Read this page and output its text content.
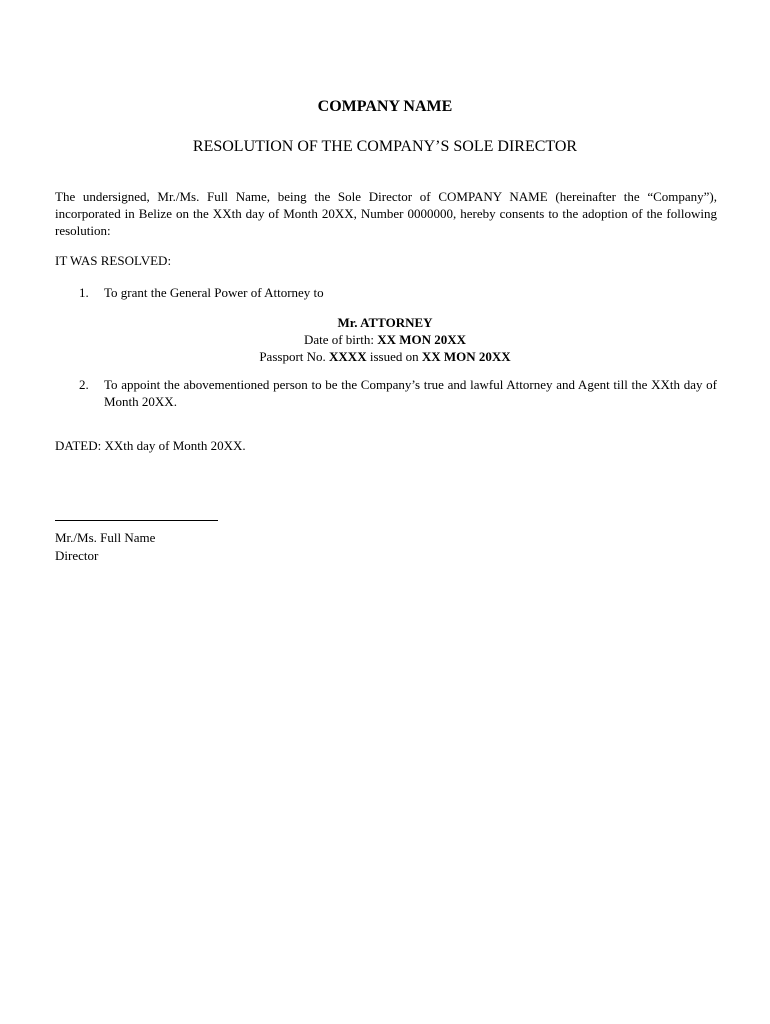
COMPANY NAME
RESOLUTION OF THE COMPANY’S SOLE DIRECTOR
The undersigned, Mr./Ms. Full Name, being the Sole Director of COMPANY NAME (hereinafter the “Company”), incorporated in Belize on the XXth day of Month 20XX, Number 0000000, hereby consents to the adoption of the following resolution:
IT WAS RESOLVED:
1. To grant the General Power of Attorney to
Mr. ATTORNEY
Date of birth: XX MON 20XX
Passport No. XXXX issued on XX MON 20XX
2. To appoint the abovementioned person to be the Company’s true and lawful Attorney and Agent till the XXth day of Month 20XX.
DATED: XXth day of Month 20XX.
Mr./Ms. Full Name
Director
